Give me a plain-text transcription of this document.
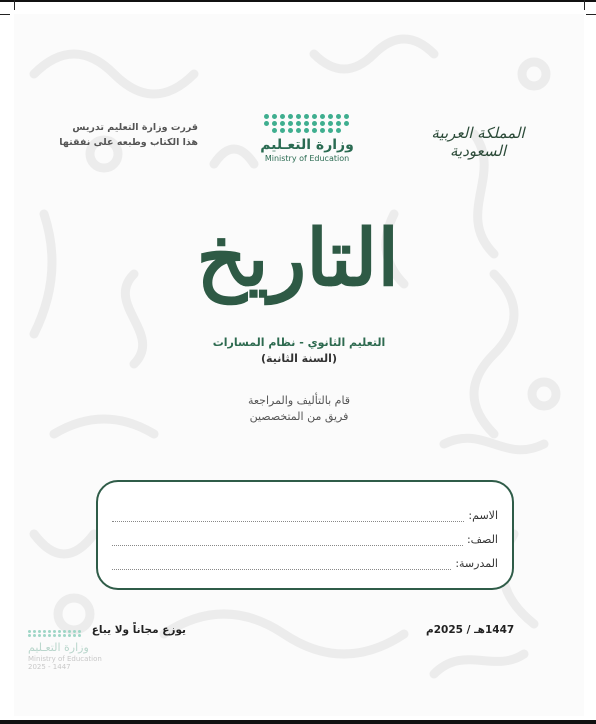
قررت وزارة التعليم تدريس
هذا الكتاب وطبعه على نفقتها	وزارة التعـليم
Ministry of Education
المملكة العربية السعودية
التاريخ
التعليم الثانوي - نظام المسارات
(السنة الثانية)
قام بالتأليف والمراجعة
فريق من المتخصصين
الاسم:
الصف:
المدرسة:
يوزع مجاناً ولا يباع	1447هـ / 2025م
وزارة التعـليم
Ministry of Education
2025 - 1447
